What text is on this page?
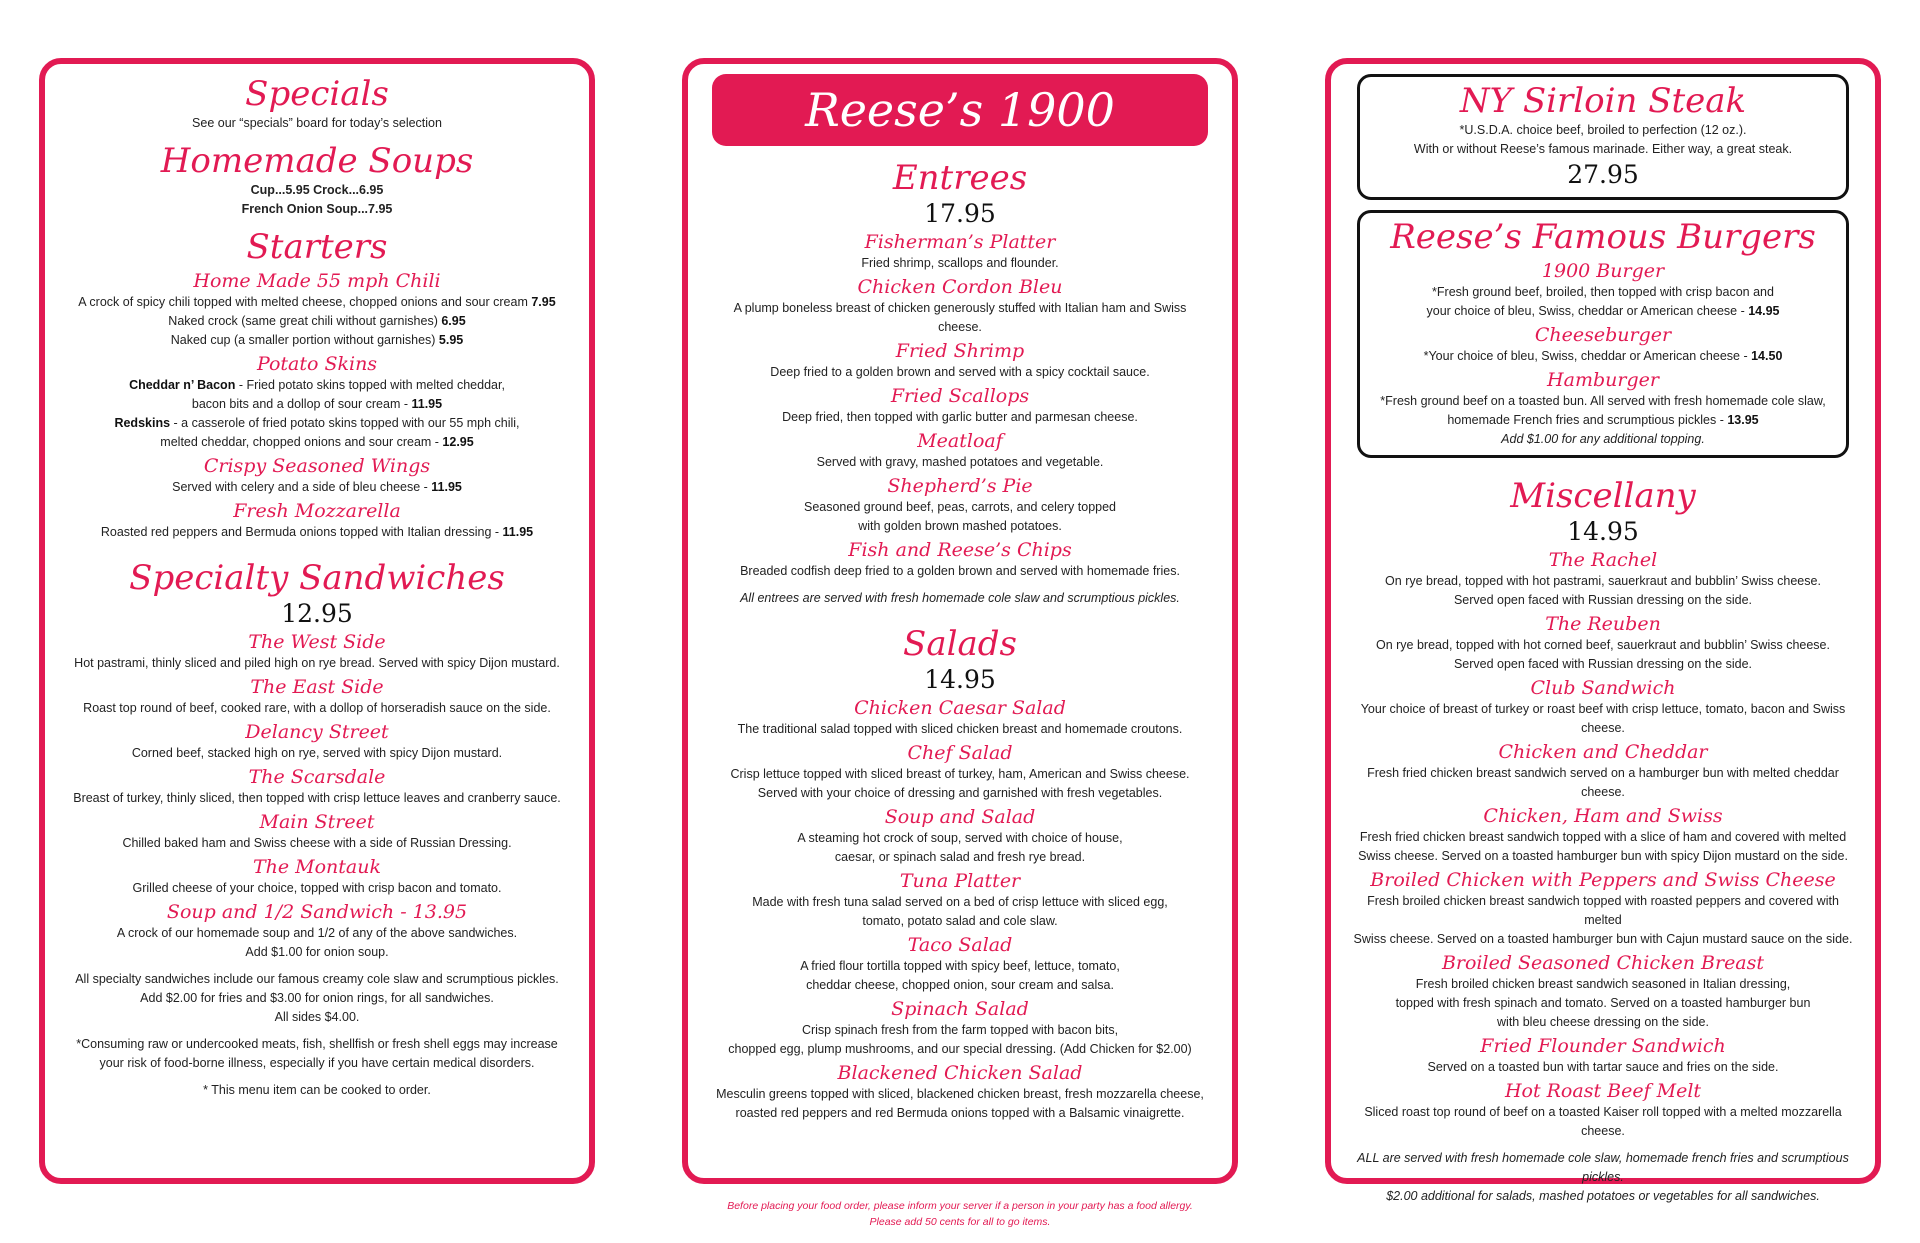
Specials

See our “specials” board for today’s selection

Homemade Soups

Cup...5.95 Crock...6.95

French Onion Soup...7.95

Starters
Home Made 55 mph Chili

A crock of spicy chili topped with melted cheese, chopped onions and sour cream 7.95

Naked crock (same great chili without garnishes) 6.95

Naked cup (a smaller portion without garnishes) 5.95

Potato Skins

Cheddar n’ Bacon - Fried potato skins topped with melted cheddar,

bacon bits and a dollop of sour cream - 11.95

Redskins - a casserole of fried potato skins topped with our 55 mph chili,

melted cheddar, chopped onions and sour cream - 12.95

Crispy Seasoned Wings

Served with celery and a side of bleu cheese - 11.95

Fresh Mozzarella

Roasted red peppers and Bermuda onions topped with Italian dressing - 11.95

Specialty Sandwiches
12.95
The West Side

Hot pastrami, thinly sliced and piled high on rye bread. Served with spicy Dijon mustard.

The East Side

Roast top round of beef, cooked rare, with a dollop of horseradish sauce on the side.

Delancy Street

Corned beef, stacked high on rye, served with spicy Dijon mustard.

The Scarsdale

Breast of turkey, thinly sliced, then topped with crisp lettuce leaves and cranberry sauce.

Main Street

Chilled baked ham and Swiss cheese with a side of Russian Dressing.

The Montauk

Grilled cheese of your choice, topped with crisp bacon and tomato.

Soup and 1/2 Sandwich - 13.95

A crock of our homemade soup and 1/2 of any of the above sandwiches.

Add $1.00 for onion soup.

All specialty sandwiches include our famous creamy cole slaw and scrumptious pickles.

Add $2.00 for fries and $3.00 for onion rings, for all sandwiches.

All sides $4.00.

*Consuming raw or undercooked meats, fish, shellfish or fresh shell eggs may increase

your risk of food-borne illness, especially if you have certain medical disorders.

* This menu item can be cooked to order.

Reese’s 1900
Entrees
17.95
Fisherman’s Platter

Fried shrimp, scallops and flounder.

Chicken Cordon Bleu

A plump boneless breast of chicken generously stuffed with Italian ham and Swiss cheese.

Fried Shrimp

Deep fried to a golden brown and served with a spicy cocktail sauce.

Fried Scallops

Deep fried, then topped with garlic butter and parmesan cheese.

Meatloaf

Served with gravy, mashed potatoes and vegetable.

Shepherd’s Pie

Seasoned ground beef, peas, carrots, and celery topped

with golden brown mashed potatoes.

Fish and Reese’s Chips

Breaded codfish deep fried to a golden brown and served with homemade fries.

All entrees are served with fresh homemade cole slaw and scrumptious pickles.

Salads
14.95
Chicken Caesar Salad

The traditional salad topped with sliced chicken breast and homemade croutons.

Chef Salad

Crisp lettuce topped with sliced breast of turkey, ham, American and Swiss cheese.

Served with your choice of dressing and garnished with fresh vegetables.

Soup and Salad

A steaming hot crock of soup, served with choice of house,

caesar, or spinach salad and fresh rye bread.

Tuna Platter

Made with fresh tuna salad served on a bed of crisp lettuce with sliced egg,

tomato, potato salad and cole slaw.

Taco Salad

A fried flour tortilla topped with spicy beef, lettuce, tomato,

cheddar cheese, chopped onion, sour cream and salsa.

Spinach Salad

Crisp spinach fresh from the farm topped with bacon bits,

chopped egg, plump mushrooms, and our special dressing. (Add Chicken for $2.00)

Blackened Chicken Salad

Mesculin greens topped with sliced, blackened chicken breast, fresh mozzarella cheese,

roasted red peppers and red Bermuda onions topped with a Balsamic vinaigrette.

NY Sirloin Steak

*U.S.D.A. choice beef, broiled to perfection (12 oz.).

With or without Reese’s famous marinade. Either way, a great steak.

27.95
Reese’s Famous Burgers
1900 Burger

*Fresh ground beef, broiled, then topped with crisp bacon and

your choice of bleu, Swiss, cheddar or American cheese - 14.95

Cheeseburger

*Your choice of bleu, Swiss, cheddar or American cheese - 14.50

Hamburger

*Fresh ground beef on a toasted bun. All served with fresh homemade cole slaw,

homemade French fries and scrumptious pickles - 13.95

Add $1.00 for any additional topping.

Miscellany
14.95
The Rachel

On rye bread, topped with hot pastrami, sauerkraut and bubblin’ Swiss cheese.

Served open faced with Russian dressing on the side.

The Reuben

On rye bread, topped with hot corned beef, sauerkraut and bubblin’ Swiss cheese.

Served open faced with Russian dressing on the side.

Club Sandwich

Your choice of breast of turkey or roast beef with crisp lettuce, tomato, bacon and Swiss cheese.

Chicken and Cheddar

Fresh fried chicken breast sandwich served on a hamburger bun with melted cheddar cheese.

Chicken, Ham and Swiss

Fresh fried chicken breast sandwich topped with a slice of ham and covered with melted

Swiss cheese. Served on a toasted hamburger bun with spicy Dijon mustard on the side.

Broiled Chicken with Peppers and Swiss Cheese

Fresh broiled chicken breast sandwich topped with roasted peppers and covered with melted

Swiss cheese. Served on a toasted hamburger bun with Cajun mustard sauce on the side.

Broiled Seasoned Chicken Breast

Fresh broiled chicken breast sandwich seasoned in Italian dressing,

topped with fresh spinach and tomato. Served on a toasted hamburger bun

with bleu cheese dressing on the side.

Fried Flounder Sandwich

Served on a toasted bun with tartar sauce and fries on the side.

Hot Roast Beef Melt

Sliced roast top round of beef on a toasted Kaiser roll topped with a melted mozzarella cheese.

ALL are served with fresh homemade cole slaw, homemade french fries and scrumptious pickles.

$2.00 additional for salads, mashed potatoes or vegetables for all sandwiches.

Before placing your food order, please inform your server if a person in your party has a food allergy.
Please add 50 cents for all to go items.
